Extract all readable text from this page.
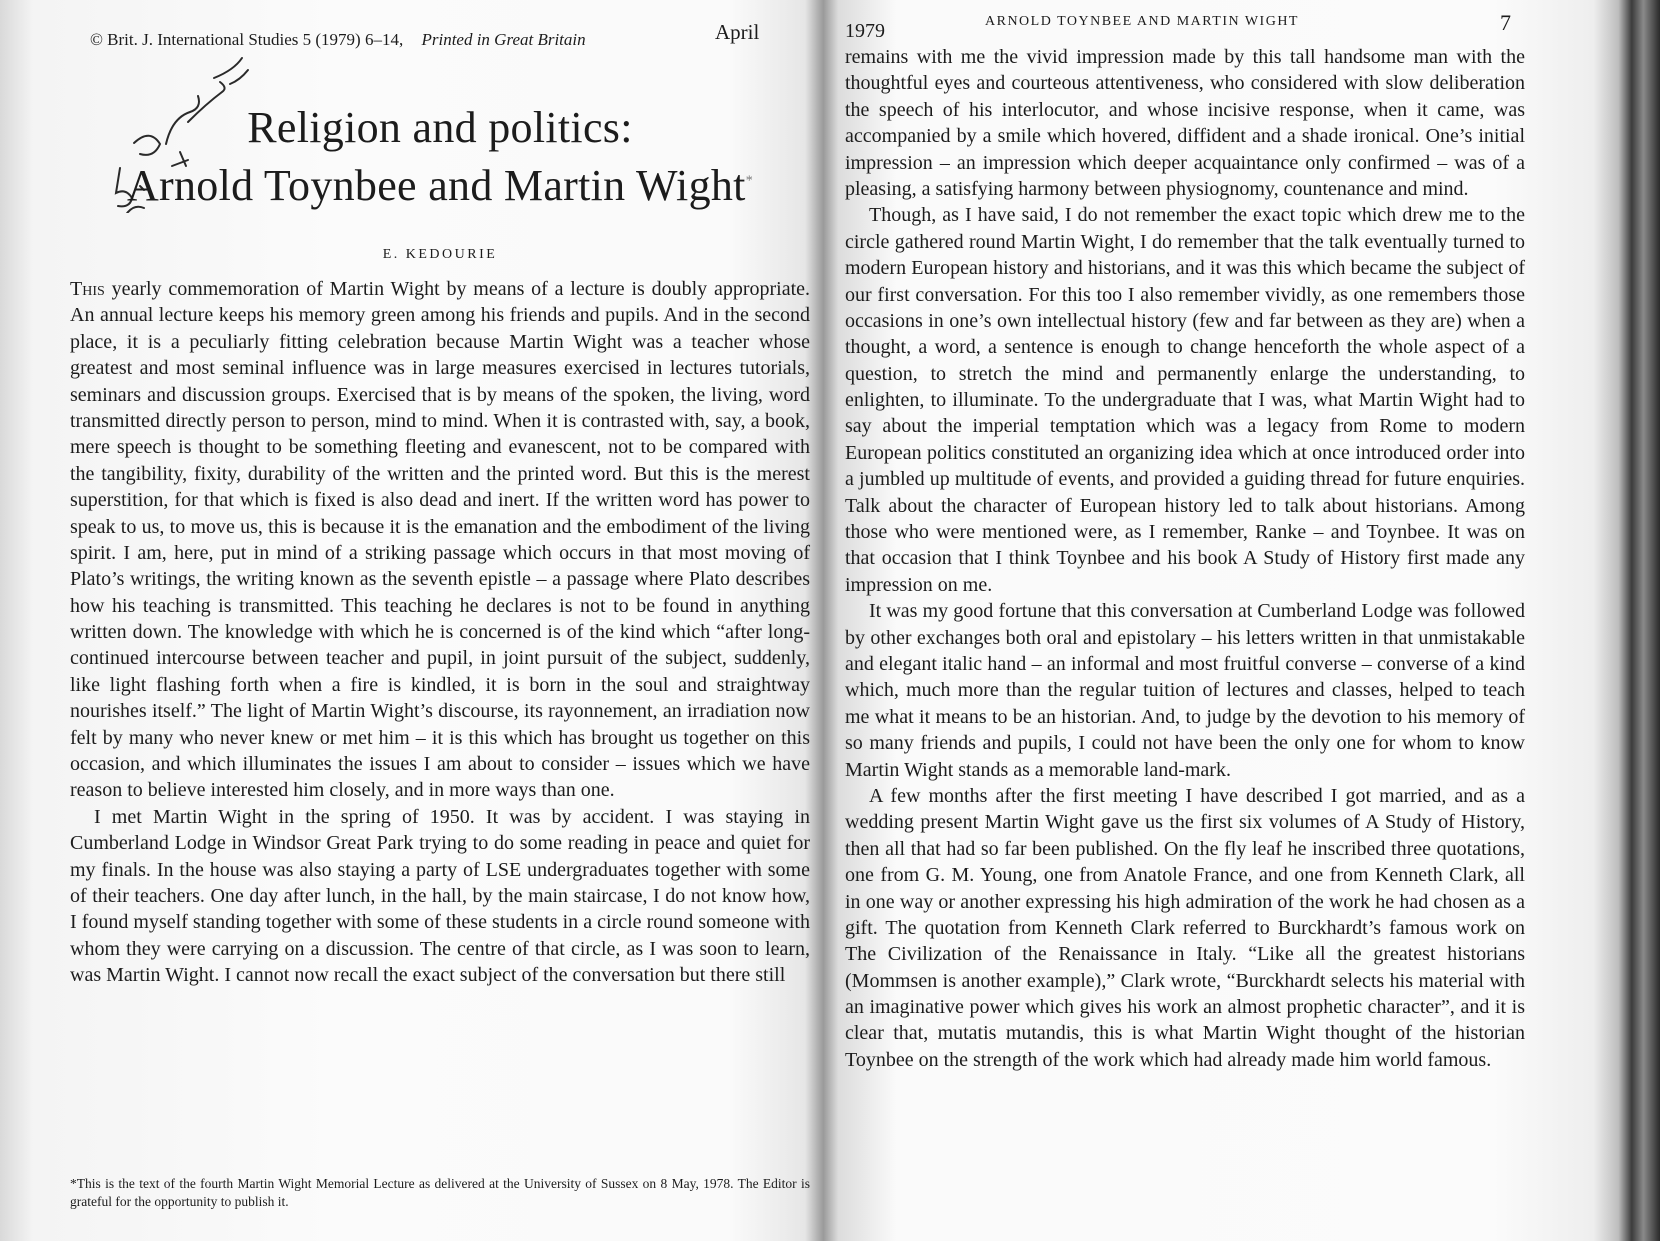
© Brit. J. International Studies 5 (1979) 6–14, Printed in Great Britain	April
Religion and politics:
Arnold Toynbee and Martin Wight*
E. KEDOURIE

This yearly commemoration of Martin Wight by means of a lecture is doubly appropriate. An annual lecture keeps his memory green among his friends and pupils. And in the second place, it is a peculiarly fitting celebration because Martin Wight was a teacher whose greatest and most seminal influence was in large measures exercised in lectures tutorials, seminars and discussion groups. Exercised that is by means of the spoken, the living, word transmitted directly person to person, mind to mind. When it is contrasted with, say, a book, mere speech is thought to be something fleeting and evanescent, not to be compared with the tangibility, fixity, durability of the written and the printed word. But this is the merest superstition, for that which is fixed is also dead and inert. If the written word has power to speak to us, to move us, this is because it is the emanation and the embodiment of the living spirit. I am, here, put in mind of a striking passage which occurs in that most moving of Plato’s writings, the writing known as the seventh epistle – a passage where Plato describes how his teaching is transmitted. This teaching he declares is not to be found in anything written down. The knowledge with which he is concerned is of the kind which “after long-continued intercourse between teacher and pupil, in joint pursuit of the subject, suddenly, like light flashing forth when a fire is kindled, it is born in the soul and straightway nourishes itself.” The light of Martin Wight’s discourse, its rayonnement, an irradiation now felt by many who never knew or met him – it is this which has brought us together on this occasion, and which illuminates the issues I am about to consider – issues which we have reason to believe interested him closely, and in more ways than one.

I met Martin Wight in the spring of 1950. It was by accident. I was staying in Cumberland Lodge in Windsor Great Park trying to do some reading in peace and quiet for my finals. In the house was also staying a party of LSE undergraduates together with some of their teachers. One day after lunch, in the hall, by the main staircase, I do not know how, I found myself standing together with some of these students in a circle round someone with whom they were carrying on a discussion. The centre of that circle, as I was soon to learn, was Martin Wight. I cannot now recall the exact subject of the conversation but there still

*This is the text of the fourth Martin Wight Memorial Lecture as delivered at the University of Sussex on 8 May, 1978. The Editor is grateful for the opportunity to publish it.
1979	ARNOLD TOYNBEE AND MARTIN WIGHT	7

remains with me the vivid impression made by this tall handsome man with the thoughtful eyes and courteous attentiveness, who considered with slow deliberation the speech of his interlocutor, and whose incisive response, when it came, was accompanied by a smile which hovered, diffident and a shade ironical. One’s initial impression – an impression which deeper acquaintance only confirmed – was of a pleasing, a satisfying harmony between physiognomy, countenance and mind.

Though, as I have said, I do not remember the exact topic which drew me to the circle gathered round Martin Wight, I do remember that the talk eventually turned to modern European history and historians, and it was this which became the subject of our first conversation. For this too I also remember vividly, as one remembers those occasions in one’s own intellectual history (few and far between as they are) when a thought, a word, a sentence is enough to change henceforth the whole aspect of a question, to stretch the mind and permanently enlarge the understanding, to enlighten, to illuminate. To the undergraduate that I was, what Martin Wight had to say about the imperial temptation which was a legacy from Rome to modern European politics constituted an organizing idea which at once introduced order into a jumbled up multitude of events, and provided a guiding thread for future enquiries. Talk about the character of European history led to talk about historians. Among those who were mentioned were, as I remember, Ranke – and Toynbee. It was on that occasion that I think Toynbee and his book A Study of History first made any impression on me.

It was my good fortune that this conversation at Cumberland Lodge was followed by other exchanges both oral and epistolary – his letters written in that unmistakable and elegant italic hand – an informal and most fruitful converse – converse of a kind which, much more than the regular tuition of lectures and classes, helped to teach me what it means to be an historian. And, to judge by the devotion to his memory of so many friends and pupils, I could not have been the only one for whom to know Martin Wight stands as a memorable land-mark.

A few months after the first meeting I have described I got married, and as a wedding present Martin Wight gave us the first six volumes of A Study of History, then all that had so far been published. On the fly leaf he inscribed three quotations, one from G. M. Young, one from Anatole France, and one from Kenneth Clark, all in one way or another expressing his high admiration of the work he had chosen as a gift. The quotation from Kenneth Clark referred to Burckhardt’s famous work on The Civilization of the Renaissance in Italy. “Like all the greatest historians (Mommsen is another example),” Clark wrote, “Burckhardt selects his material with an imaginative power which gives his work an almost prophetic character”, and it is clear that, mutatis mutandis, this is what Martin Wight thought of the historian Toynbee on the strength of the work which had already made him world famous.
